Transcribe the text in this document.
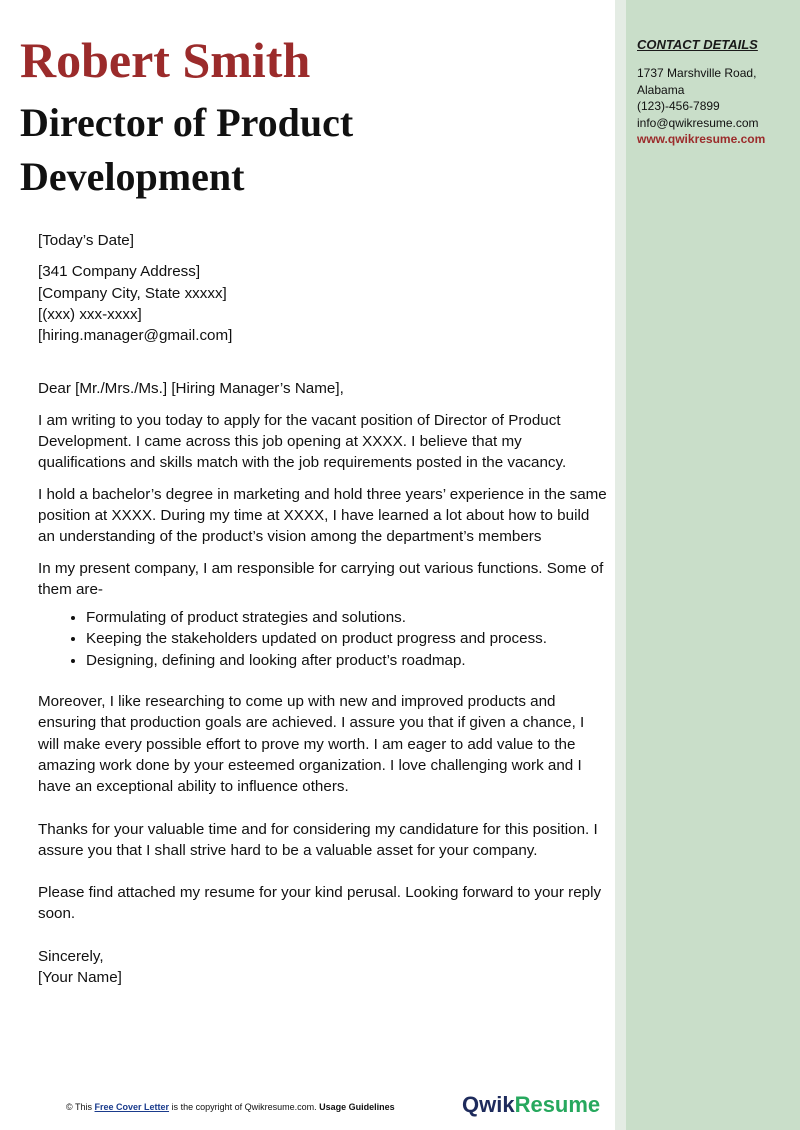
CONTACT DETAILS
1737 Marshville Road, Alabama
(123)-456-7899
info@qwikresume.com
www.qwikresume.com
Robert Smith
Director of Product Development

[Today’s Date]

[341 Company Address]

[Company City, State xxxxx]

[(xxx) xxx-xxxx]

[hiring.manager@gmail.com]

Dear [Mr./Mrs./Ms.] [Hiring Manager’s Name],

I am writing to you today to apply for the vacant position of Director of Product Development. I came across this job opening at XXXX. I believe that my qualifications and skills match with the job requirements posted in the vacancy.

I hold a bachelor’s degree in marketing and hold three years’ experience in the same position at XXXX. During my time at XXXX, I have learned a lot about how to build an understanding of the product’s vision among the department’s members

In my present company, I am responsible for carrying out various functions. Some of them are-

• Formulating of product strategies and solutions.
• Keeping the stakeholders updated on product progress and process.
• Designing, defining and looking after product’s roadmap.

Moreover, I like researching to come up with new and improved products and ensuring that production goals are achieved. I assure you that if given a chance, I will make every possible effort to prove my worth. I am eager to add value to the amazing work done by your esteemed organization. I love challenging work and I have an exceptional ability to influence others.

Thanks for your valuable time and for considering my candidature for this position. I assure you that I shall strive hard to be a valuable asset for your company.

Please find attached my resume for your kind perusal. Looking forward to your reply soon.

Sincerely,

[Your Name]

© This Free Cover Letter is the copyright of Qwikresume.com. Usage Guidelines	QwikResume
